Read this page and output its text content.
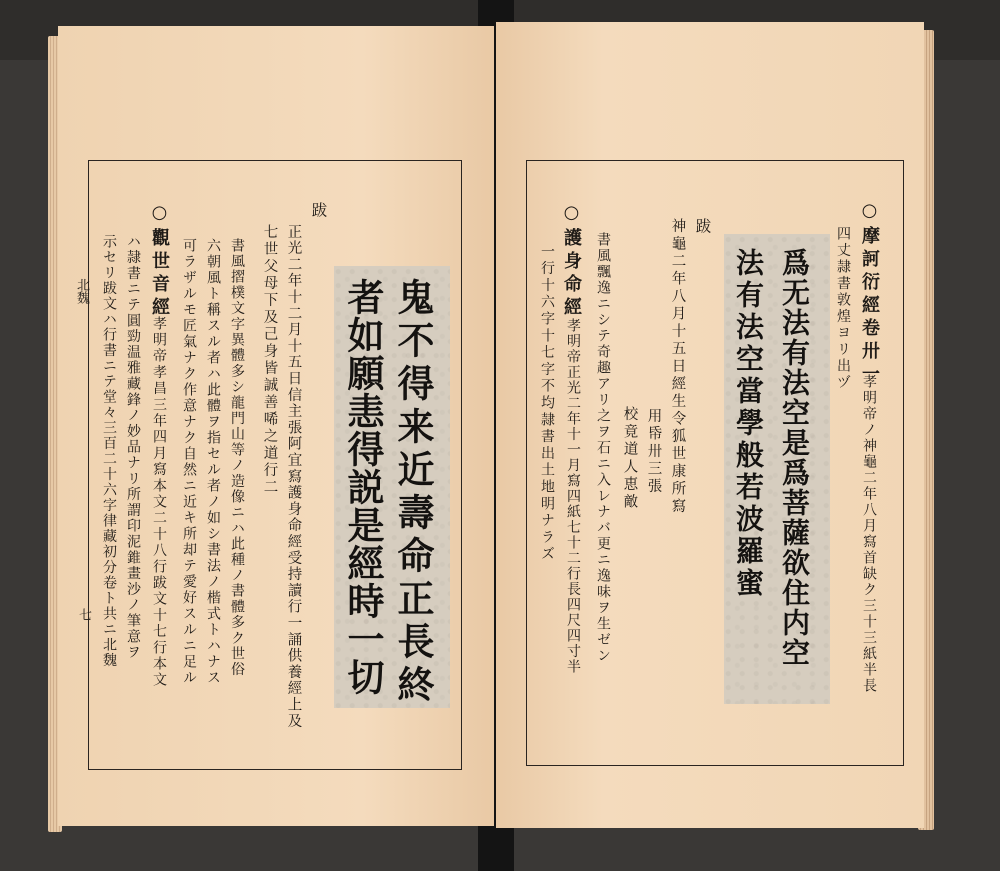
北魏
七	鬼不得来近壽命正長終
者如願恚得説是經時一切
跋
正光二年十二月十五日信主張阿宜寫護身命經受持讀行一誦供養經上及
七世父母下及己身皆誠善唏之道行二
書風摺樸文字異體多シ龍門山等ノ造像ニハ此種ノ書體多ク世俗
六朝風ト稱スル者ハ此體ヲ指セル者ノ如シ書法ノ楷式トハナス
可ラザルモ匠氣ナク作意ナク自然ニ近キ所却テ愛好スルニ足ル
○觀世音經
孝明帝孝昌三年四月寫本文二十八行跋文十七行本文
ハ隷書ニテ圓勁温雅藏鋒ノ妙品ナリ所謂印泥錐畫沙ノ筆意ヲ
示セリ跋文ハ行書ニテ堂々三百二十六字律藏初分卷ト共ニ北魏	○摩訶衍經卷卅一
孝明帝ノ神龜二年八月寫首缺ク三十三紙半長
四丈隷書敦煌ヨリ出ヅ
爲无法有法空是爲菩薩欲住内空
法有法空當學般若波羅蜜
跋
神龜二年八月十五日經生令狐世康所寫
用帋卅三張
校竟道人恵敵
書風飄逸ニシテ奇趣アリ之ヲ石ニ入レナバ更ニ逸味ヲ生ゼン
○護身命經
孝明帝正光二年十一月寫四紙七十二行長四尺四寸半
一行十六字十七字不均隷書出土地明ナラズ
